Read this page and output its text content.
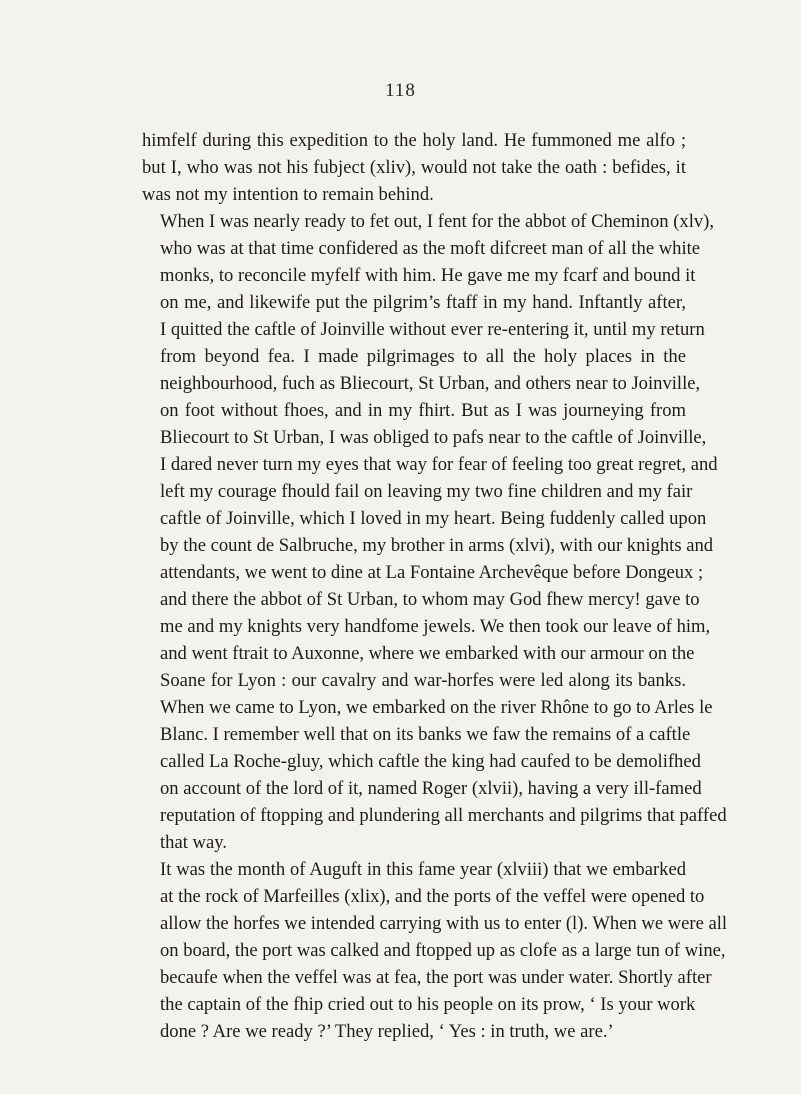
118

himfelf during this expedition to the holy land. He fummoned me alfo ;
but I, who was not his fubject (xliv), would not take the oath : befides, it
was not my intention to remain behind.

When I was nearly ready to fet out, I fent for the abbot of Cheminon (xlv),
who was at that time confidered as the moft difcreet man of all the white
monks, to reconcile myfelf with him. He gave me my fcarf and bound it
on me, and likewife put the pilgrim’s ftaff in my hand. Inftantly after,
I quitted the caftle of Joinville without ever re-entering it, until my return
from beyond fea. I made pilgrimages to all the holy places in the
neighbourhood, fuch as Bliecourt, St Urban, and others near to Joinville,
on foot without fhoes, and in my fhirt. But as I was journeying from
Bliecourt to St Urban, I was obliged to pafs near to the caftle of Joinville,
I dared never turn my eyes that way for fear of feeling too great regret, and
left my courage fhould fail on leaving my two fine children and my fair
caftle of Joinville, which I loved in my heart. Being fuddenly called upon
by the count de Salbruche, my brother in arms (xlvi), with our knights and
attendants, we went to dine at La Fontaine Archevêque before Dongeux ;
and there the abbot of St Urban, to whom may God fhew mercy! gave to
me and my knights very handfome jewels. We then took our leave of him,
and went ftrait to Auxonne, where we embarked with our armour on the
Soane for Lyon : our cavalry and war-horfes were led along its banks.
When we came to Lyon, we embarked on the river Rhône to go to Arles le
Blanc. I remember well that on its banks we faw the remains of a caftle
called La Roche-gluy, which caftle the king had caufed to be demolifhed
on account of the lord of it, named Roger (xlvii), having a very ill-famed
reputation of ftopping and plundering all merchants and pilgrims that paffed
that way.

It was the month of Auguft in this fame year (xlviii) that we embarked
at the rock of Marfeilles (xlix), and the ports of the veffel were opened to
allow the horfes we intended carrying with us to enter (l). When we were all
on board, the port was calked and ftopped up as clofe as a large tun of wine,
becaufe when the veffel was at fea, the port was under water. Shortly after
the captain of the fhip cried out to his people on its prow, ‘ Is your work
done ? Are we ready ?’ They replied, ‘ Yes : in truth, we are.’
